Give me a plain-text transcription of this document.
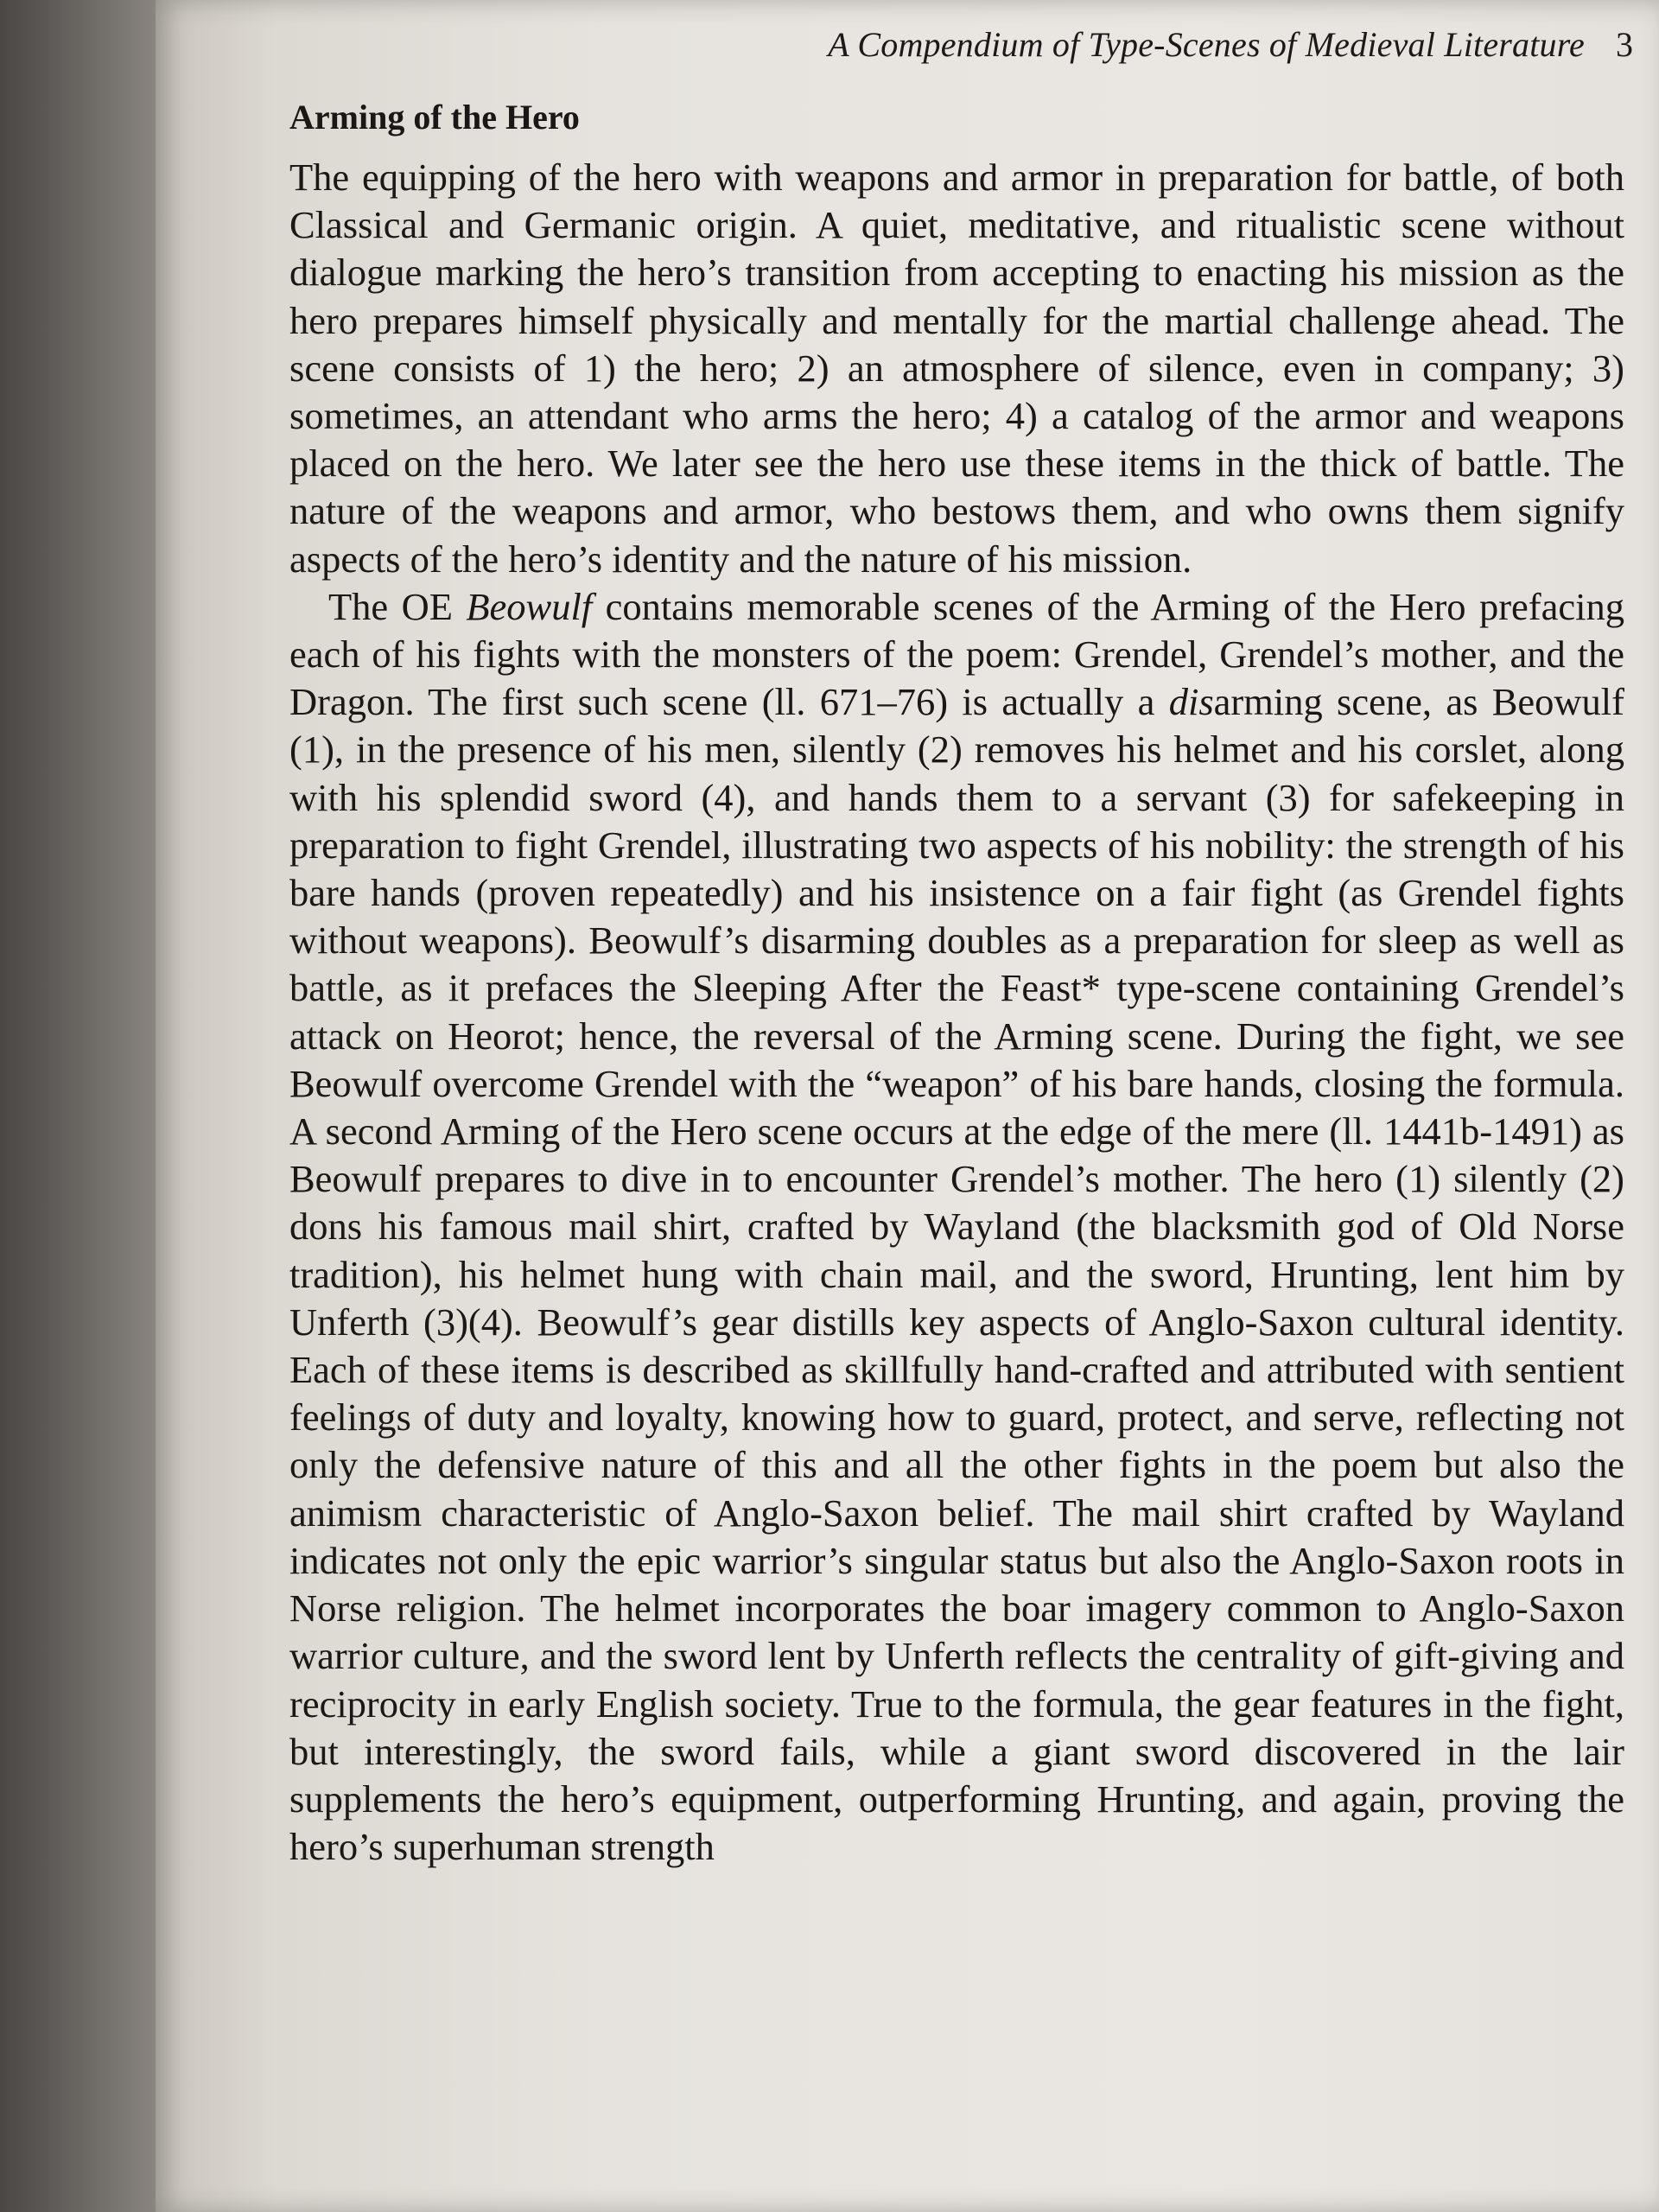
A Compendium of Type-Scenes of Medieval Literature 3
Arming of the Hero

The equipping of the hero with weapons and armor in preparation for battle, of both Classical and Germanic origin. A quiet, meditative, and ritualistic scene without dialogue marking the hero’s transition from accepting to enacting his mission as the hero prepares himself physically and mentally for the martial challenge ahead. The scene consists of 1) the hero; 2) an atmosphere of silence, even in company; 3) sometimes, an attendant who arms the hero; 4) a catalog of the armor and weapons placed on the hero. We later see the hero use these items in the thick of battle. The nature of the weapons and armor, who bestows them, and who owns them signify aspects of the hero’s identity and the nature of his mission.

The OE Beowulf contains memorable scenes of the Arming of the Hero prefacing each of his fights with the monsters of the poem: Grendel, Grendel’s mother, and the Dragon. The first such scene (ll. 671–76) is actually a disarming scene, as Beowulf (1), in the presence of his men, silently (2) removes his helmet and his corslet, along with his splendid sword (4), and hands them to a servant (3) for safekeeping in preparation to fight Grendel, illustrating two aspects of his nobility: the strength of his bare hands (proven repeatedly) and his insistence on a fair fight (as Grendel fights without weapons). Beowulf’s disarming doubles as a preparation for sleep as well as battle, as it prefaces the Sleeping After the Feast* type-scene containing Grendel’s attack on Heorot; hence, the reversal of the Arming scene. During the fight, we see Beowulf overcome Grendel with the “weapon” of his bare hands, closing the formula. A second Arming of the Hero scene occurs at the edge of the mere (ll. 1441b-1491) as Beowulf prepares to dive in to encounter Grendel’s mother. The hero (1) silently (2) dons his famous mail shirt, crafted by Wayland (the blacksmith god of Old Norse tradition), his helmet hung with chain mail, and the sword, Hrunting, lent him by Unferth (3)(4). Beowulf’s gear distills key aspects of Anglo-Saxon cultural identity. Each of these items is described as skillfully hand-crafted and attributed with sentient feelings of duty and loyalty, knowing how to guard, protect, and serve, reflecting not only the defensive nature of this and all the other fights in the poem but also the animism characteristic of Anglo-Saxon belief. The mail shirt crafted by Wayland indicates not only the epic warrior’s singular status but also the Anglo-Saxon roots in Norse religion. The helmet incorporates the boar imagery common to Anglo-Saxon warrior culture, and the sword lent by Unferth reflects the centrality of gift-giving and reciprocity in early English society. True to the formula, the gear features in the fight, but interestingly, the sword fails, while a giant sword discovered in the lair supplements the hero’s equipment, outperforming Hrunting, and again, proving the hero’s superhuman strength
